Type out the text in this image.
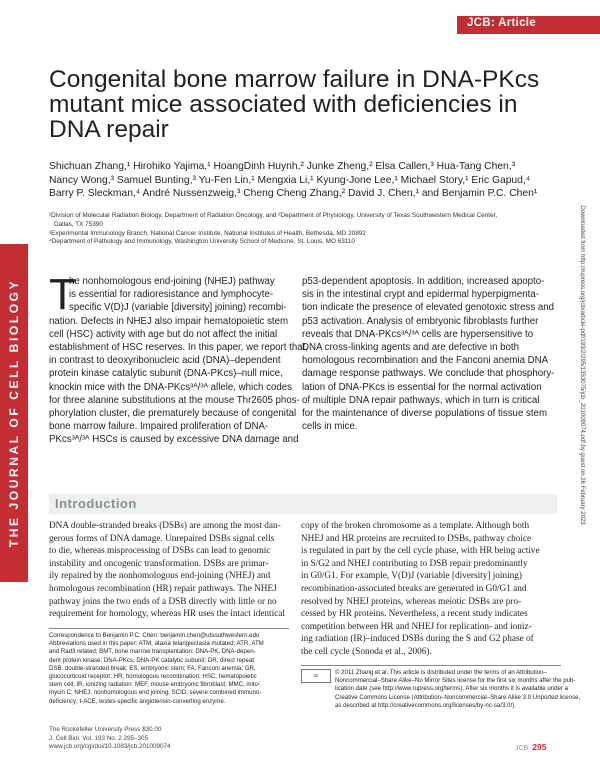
JCB: Article
THE JOURNAL OF CELL BIOLOGY
Congenital bone marrow failure in DNA-PKcs
mutant mice associated with deficiencies in
DNA repair
Shichuan Zhang,¹ Hirohiko Yajima,¹ HoangDinh Huynh,² Junke Zheng,² Elsa Callen,³ Hua-Tang Chen,³
Nancy Wong,³ Samuel Bunting,³ Yu-Fen Lin,¹ Mengxia Li,¹ Kyung-Jone Lee,¹ Michael Story,¹ Eric Gapud,⁴
Barry P. Sleckman,⁴ André Nussenzweig,³ Cheng Cheng Zhang,² David J. Chen,¹ and Benjamin P.C. Chen¹
¹Division of Molecular Radiation Biology, Department of Radiation Oncology, and ²Department of Physiology, University of Texas Southwestern Medical Center,
Dallas, TX 75390
³Experimental Immunology Branch, National Cancer Institute, National Institutes of Health, Bethesda, MD 20892
⁴Department of Pathology and Immunology, Washington University School of Medicine, St. Louis, MO 63110	Downloaded from http://rupress.org/jcb/article-pdf/193/2/295/1353075/jcb_201009074.pdf by guest on 26 February 2023
T
he nonhomologous end-joining (NHEJ) pathway
is essential for radioresistance and lymphocyte-
specific V(D)J (variable [diversity] joining) recombi-
nation. Defects in NHEJ also impair hematopoietic stem
cell (HSC) activity with age but do not affect the initial
establishment of HSC reserves. In this paper, we report that,
in contrast to deoxyribonucleic acid (DNA)–dependent
protein kinase catalytic subunit (DNA-PKcs)–null mice,
knockin mice with the DNA-PKcs³ᴬ/³ᴬ allele, which codes
for three alanine substitutions at the mouse Thr2605 phos-
phorylation cluster, die prematurely because of congenital
bone marrow failure. Impaired proliferation of DNA-
PKcs³ᴬ/³ᴬ HSCs is caused by excessive DNA damage and
p53-dependent apoptosis. In addition, increased apopto-
sis in the intestinal crypt and epidermal hyperpigmenta-
tion indicate the presence of elevated genotoxic stress and
p53 activation. Analysis of embryonic fibroblasts further
reveals that DNA-PKcs³ᴬ/³ᴬ cells are hypersensitive to
DNA cross-linking agents and are defective in both
homologous recombination and the Fanconi anemia DNA
damage response pathways. We conclude that phosphory-
lation of DNA-PKcs is essential for the normal activation
of multiple DNA repair pathways, which in turn is critical
for the maintenance of diverse populations of tissue stem
cells in mice.
Introduction
DNA double-stranded breaks (DSBs) are among the most dan-
gerous forms of DNA damage. Unrepaired DSBs signal cells
to die, whereas misprocessing of DSBs can lead to genomic
instability and oncogenic transformation. DSBs are primar-
ily repaired by the nonhomologous end-joining (NHEJ) and
homologous recombination (HR) repair pathways. The NHEJ
pathway joins the two ends of a DSB directly with little or no
requirement for homology, whereas HR uses the intact identical
copy of the broken chromosome as a template. Although both
NHEJ and HR proteins are recruited to DSBs, pathway choice
is regulated in part by the cell cycle phase, with HR being active
in S/G2 and NHEJ contributing to DSB repair predominantly
in G0/G1. For example, V(D)J (variable [diversity] joining)
recombination-associated breaks are generated in G0/G1 and
resolved by NHEJ proteins, whereas meiotic DSBs are pro-
cessed by HR proteins. Nevertheless, a recent study indicates
competition between HR and NHEJ for replication- and ioniz-
ing radiation (IR)–induced DSBs during the S and G2 phase of
the cell cycle (Sonoda et al., 2006).
Correspondence to Benjamin P.C. Chen: benjamin.chen@utsouthwestern.edu
Abbreviations used in this paper: ATM, ataxia telangiectasia mutated; ATR, ATM
and Rad3 related; BMT, bone marrow transplantation; DNA-PK, DNA-depen-
dent protein kinase; DNA-PKcs, DNA-PK catalytic subunit; DR, direct repeat;
DSB, double-stranded break; ES, embryonic stem; FA, Fanconi anemia; GR,
glucocorticoid receptor; HR, homologous recombination; HSC, hematopoietic
stem cell; IR, ionizing radiation; MEF, mouse embryonic fibroblast; MMC, mito-
mycin C; NHEJ, nonhomologous end joining; SCID, severe combined immuno-
deficiency; t-ACE, testes-specific angiotensin-converting enzyme.
cc	© 2011 Zhang et al. This article is distributed under the terms of an Attribution–
Noncommercial–Share Alike–No Mirror Sites license for the first six months after the pub-
lication date (see http://www.rupress.org/terms). After six months it is available under a
Creative Commons License (Attribution–Noncommercial–Share Alike 3.0 Unported license,
as described at http://creativecommons.org/licenses/by-nc-sa/3.0/).
The Rockefeller University Press $30.00
J. Cell Biol. Vol. 193 No. 2 295–305
www.jcb.org/cgi/doi/10.1083/jcb.201009074	JCB 295
